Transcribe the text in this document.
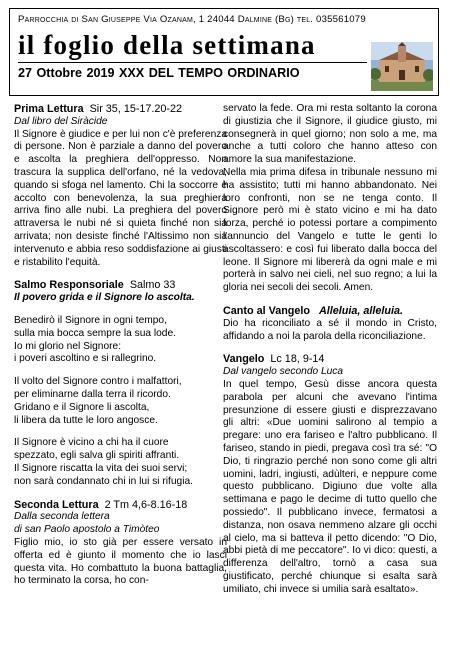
Parrocchia di San Giuseppe Via Ozanam, 1 24044 Dalmine (Bg) tel. 035561079
il foglio della settimana
27 Ottobre 2019 XXX DEL TEMPO ORDINARIO
Prima Lettura Sir 35, 15-17.20-22

Dal libro del Siràcide

Il Signore è giudice e per lui non c'è preferenza di persone. Non è parziale a danno del povero e ascolta la preghiera dell'oppresso. Non trascura la supplica dell'orfano, né la vedova, quando si sfoga nel lamento. Chi la soccorre è accolto con benevolenza, la sua preghiera arriva fino alle nubi. La preghiera del povero attraversa le nubi né si quieta finché non sia arrivata; non desiste finché l'Altissimo non sia intervenuto e abbia reso soddisfazione ai giusti e ristabilito l'equità.

Salmo Responsoriale Salmo 33

Il povero grida e il Signore lo ascolta.

Benedirò il Signore in ogni tempo,

sulla mia bocca sempre la sua lode.

Io mi glorio nel Signore:

i poveri ascoltino e si rallegrino.

Il volto del Signore contro i malfattori,

per eliminarne dalla terra il ricordo.

Gridano e il Signore li ascolta,

li libera da tutte le loro angosce.

Il Signore è vicino a chi ha il cuore

spezzato, egli salva gli spiriti affranti.

Il Signore riscatta la vita dei suoi servi;

non sarà condannato chi in lui si rifugia.

Seconda Lettura 2 Tm 4,6-8.16-18

Dalla seconda lettera

di san Paolo apostolo a Timòteo

Figlio mio, io sto già per essere versato in offerta ed è giunto il momento che io lasci questa vita. Ho combattuto la buona battaglia, ho terminato la corsa, ho con-

servato la fede. Ora mi resta soltanto la corona di giustizia che il Signore, il giudice giusto, mi consegnerà in quel giorno; non solo a me, ma anche a tutti coloro che hanno atteso con amore la sua manifestazione.

Nella mia prima difesa in tribunale nessuno mi ha assistito; tutti mi hanno abbandonato. Nei loro confronti, non se ne tenga conto. Il Signore però mi è stato vicino e mi ha dato forza, perché io potessi portare a compimento l'annuncio del Vangelo e tutte le genti lo ascoltassero: e così fui liberato dalla bocca del leone. Il Signore mi libererà da ogni male e mi porterà in salvo nei cieli, nel suo regno; a lui la gloria nei secoli dei secoli. Amen.

Canto al Vangelo Alleluia, alleluia.

Dio ha riconciliato a sé il mondo in Cristo, affidando a noi la parola della riconciliazione.

Vangelo Lc 18, 9-14

Dal vangelo secondo Luca

In quel tempo, Gesù disse ancora questa parabola per alcuni che avevano l'intima presunzione di essere giusti e disprezzavano gli altri: «Due uomini salirono al tempio a pregare: uno era fariseo e l'altro pubblicano. Il fariseo, stando in piedi, pregava così tra sé: "O Dio, ti ringrazio perché non sono come gli altri uomini, ladri, ingiusti, adùlteri, e neppure come questo pubblicano. Digiuno due volte alla settimana e pago le decime di tutto quello che possiedo". Il pubblicano invece, fermatosi a distanza, non osava nemmeno alzare gli occhi al cielo, ma si batteva il petto dicendo: "O Dio, abbi pietà di me peccatore". Io vi dico: questi, a differenza dell'altro, tornò a casa sua giustificato, perché chiunque si esalta sarà umiliato, chi invece si umilia sarà esaltato».
